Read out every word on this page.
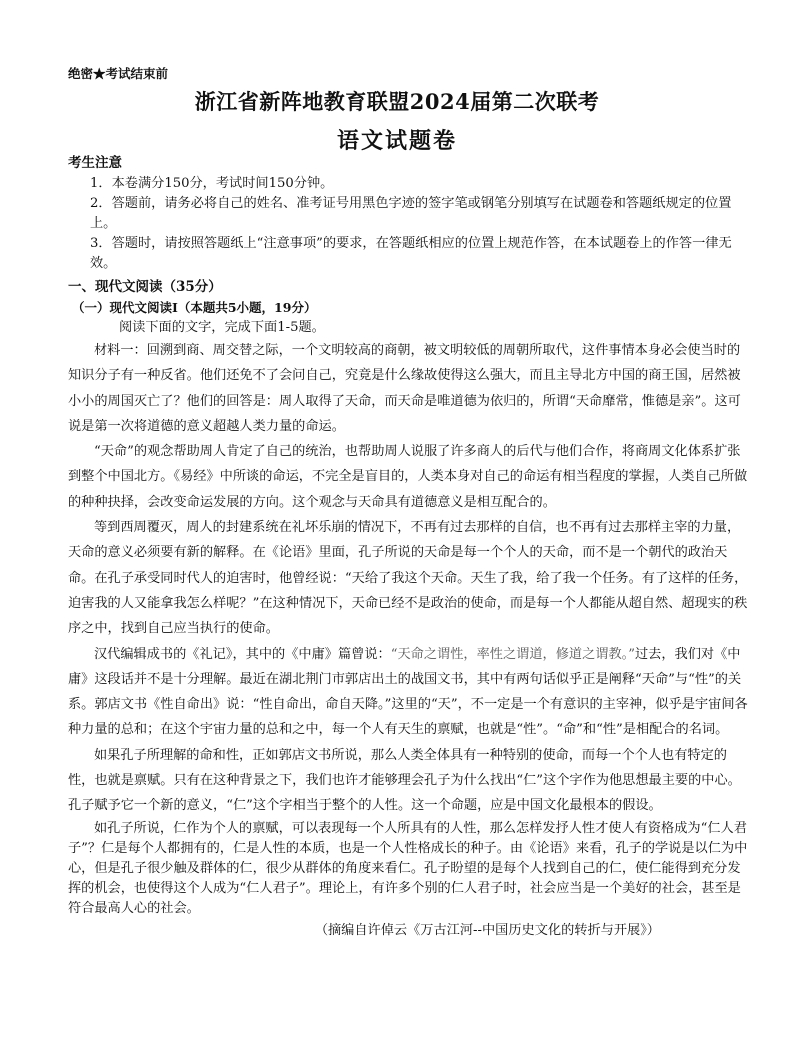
绝密★考试结束前
浙江省新阵地教育联盟2024届第二次联考
语文试题卷
考生注意
1．本卷满分150分，考试时间150分钟。
2．答题前，请务必将自己的姓名、准考证号用黑色字迹的签字笔或钢笔分别填写在试题卷和答题纸规定的位置上。
3．答题时，请按照答题纸上“注意事项”的要求，在答题纸相应的位置上规范作答，在本试题卷上的作答一律无效。
一、现代文阅读（35分）
（一）现代文阅读I（本题共5小题，19分）
阅读下面的文字，完成下面1-5题。

材料一：回溯到商、周交替之际，一个文明较高的商朝，被文明较低的周朝所取代，这件事情本身必会使当时的知识分子有一种反省。他们还免不了会问自己，究竟是什么缘故使得这么强大，而且主导北方中国的商王国，居然被小小的周国灭亡了？他们的回答是：周人取得了天命，而天命是唯道德为依归的，所谓“天命靡常，惟德是亲”。这可说是第一次将道德的意义超越人类力量的命运。

“天命”的观念帮助周人肯定了自己的统治，也帮助周人说服了许多商人的后代与他们合作，将商周文化体系扩张到整个中国北方。《易经》中所谈的命运，不完全是盲目的，人类本身对自己的命运有相当程度的掌握，人类自己所做的种种抉择，会改变命运发展的方向。这个观念与天命具有道德意义是相互配合的。

等到西周覆灭，周人的封建系统在礼坏乐崩的情况下，不再有过去那样的自信，也不再有过去那样主宰的力量，天命的意义必须要有新的解释。在《论语》里面，孔子所说的天命是每一个个人的天命，而不是一个朝代的政治天命。在孔子承受同时代人的迫害时，他曾经说：“天给了我这个天命。天生了我，给了我一个任务。有了这样的任务，迫害我的人又能拿我怎么样呢？”在这种情况下，天命已经不是政治的使命，而是每一个人都能从超自然、超现实的秩序之中，找到自己应当执行的使命。

汉代编辑成书的《礼记》，其中的《中庸》篇曾说：“天命之谓性，率性之谓道，修道之谓教。”过去，我们对《中庸》这段话并不是十分理解。最近在湖北荆门市郭店出土的战国文书，其中有两句话似乎正是阐释“天命”与“性”的关系。郭店文书《性自命出》说：“性自命出，命自天降。”这里的“天”，不一定是一个有意识的主宰神，似乎是宇宙间各种力量的总和；在这个宇宙力量的总和之中，每一个人有天生的禀赋，也就是“性”。“命”和“性”是相配合的名词。

如果孔子所理解的命和性，正如郭店文书所说，那么人类全体具有一种特别的使命，而每一个个人也有特定的性，也就是禀赋。只有在这种背景之下，我们也许才能够理会孔子为什么找出“仁”这个字作为他思想最主要的中心。孔子赋予它一个新的意义，“仁”这个字相当于整个的人性。这一个命题，应是中国文化最根本的假设。

如孔子所说，仁作为个人的禀赋，可以表现每一个人所具有的人性，那么怎样发抒人性才使人有资格成为“仁人君子”？仁是每个人都拥有的，仁是人性的本质，也是一个人性格成长的种子。由《论语》来看，孔子的学说是以仁为中心，但是孔子很少触及群体的仁，很少从群体的角度来看仁。孔子盼望的是每个人找到自己的仁，使仁能得到充分发挥的机会，也使得这个人成为“仁人君子”。理论上，有许多个别的仁人君子时，社会应当是一个美好的社会，甚至是符合最高人心的社会。

（摘编自许倬云《万古江河--中国历史文化的转折与开展》）
